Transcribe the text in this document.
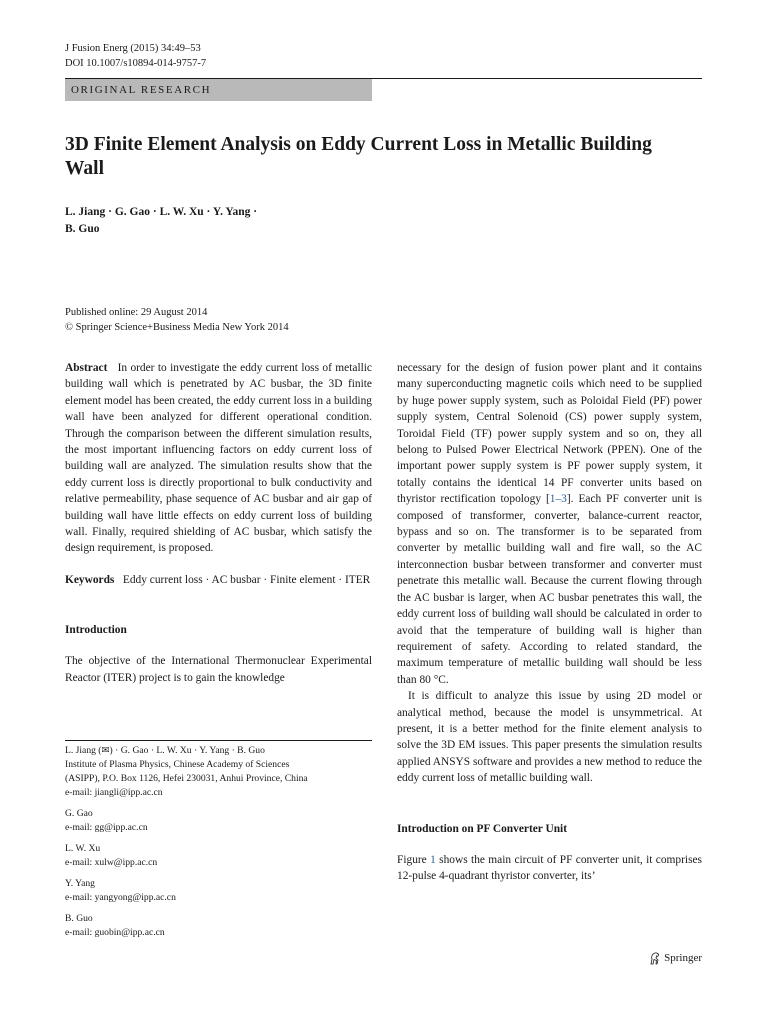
J Fusion Energ (2015) 34:49–53
DOI 10.1007/s10894-014-9757-7
ORIGINAL RESEARCH
3D Finite Element Analysis on Eddy Current Loss in Metallic Building Wall
L. Jiang · G. Gao · L. W. Xu · Y. Yang ·
B. Guo
Published online: 29 August 2014
© Springer Science+Business Media New York 2014

Abstract In order to investigate the eddy current loss of metallic building wall which is penetrated by AC busbar, the 3D finite element model has been created, the eddy current loss in a building wall have been analyzed for different operational condition. Through the comparison between the different simulation results, the most important influencing factors on eddy current loss of building wall are analyzed. The simulation results show that the eddy current loss is directly proportional to bulk conductivity and relative permeability, phase sequence of AC busbar and air gap of building wall have little effects on eddy current loss of building wall. Finally, required shielding of AC busbar, which satisfy the design requirement, is proposed.

Keywords Eddy current loss · AC busbar · Finite element · ITER

Introduction

The objective of the International Thermonuclear Experimental Reactor (ITER) project is to gain the knowledge

L. Jiang (✉) · G. Gao · L. W. Xu · Y. Yang · B. Guo
Institute of Plasma Physics, Chinese Academy of Sciences
(ASIPP), P.O. Box 1126, Hefei 230031, Anhui Province, China
e-mail: jiangli@ipp.ac.cn
G. Gao
e-mail: gg@ipp.ac.cn
L. W. Xu
e-mail: xulw@ipp.ac.cn
Y. Yang
e-mail: yangyong@ipp.ac.cn
B. Guo
e-mail: guobin@ipp.ac.cn

necessary for the design of fusion power plant and it contains many superconducting magnetic coils which need to be supplied by huge power supply system, such as Poloidal Field (PF) power supply system, Central Solenoid (CS) power supply system, Toroidal Field (TF) power supply system and so on, they all belong to Pulsed Power Electrical Network (PPEN). One of the important power supply system is PF power supply system, it totally contains the identical 14 PF converter units based on thyristor rectification topology [1–3]. Each PF converter unit is composed of transformer, converter, balance-current reactor, bypass and so on. The transformer is to be separated from converter by metallic building wall and fire wall, so the AC interconnection busbar between transformer and converter must penetrate this metallic wall. Because the current flowing through the AC busbar is larger, when AC busbar penetrates this wall, the eddy current loss of building wall should be calculated in order to avoid that the temperature of building wall is higher than requirement of safety. According to related standard, the maximum temperature of metallic building wall should be less than 80 °C.

It is difficult to analyze this issue by using 2D model or analytical method, because the model is unsymmetrical. At present, it is a better method for the finite element analysis to solve the 3D EM issues. This paper presents the simulation results applied ANSYS software and provides a new method to reduce the eddy current loss of metallic building wall.

Introduction on PF Converter Unit

Figure 1 shows the main circuit of PF converter unit, it comprises 12-pulse 4-quadrant thyristor converter, its’

Springer
